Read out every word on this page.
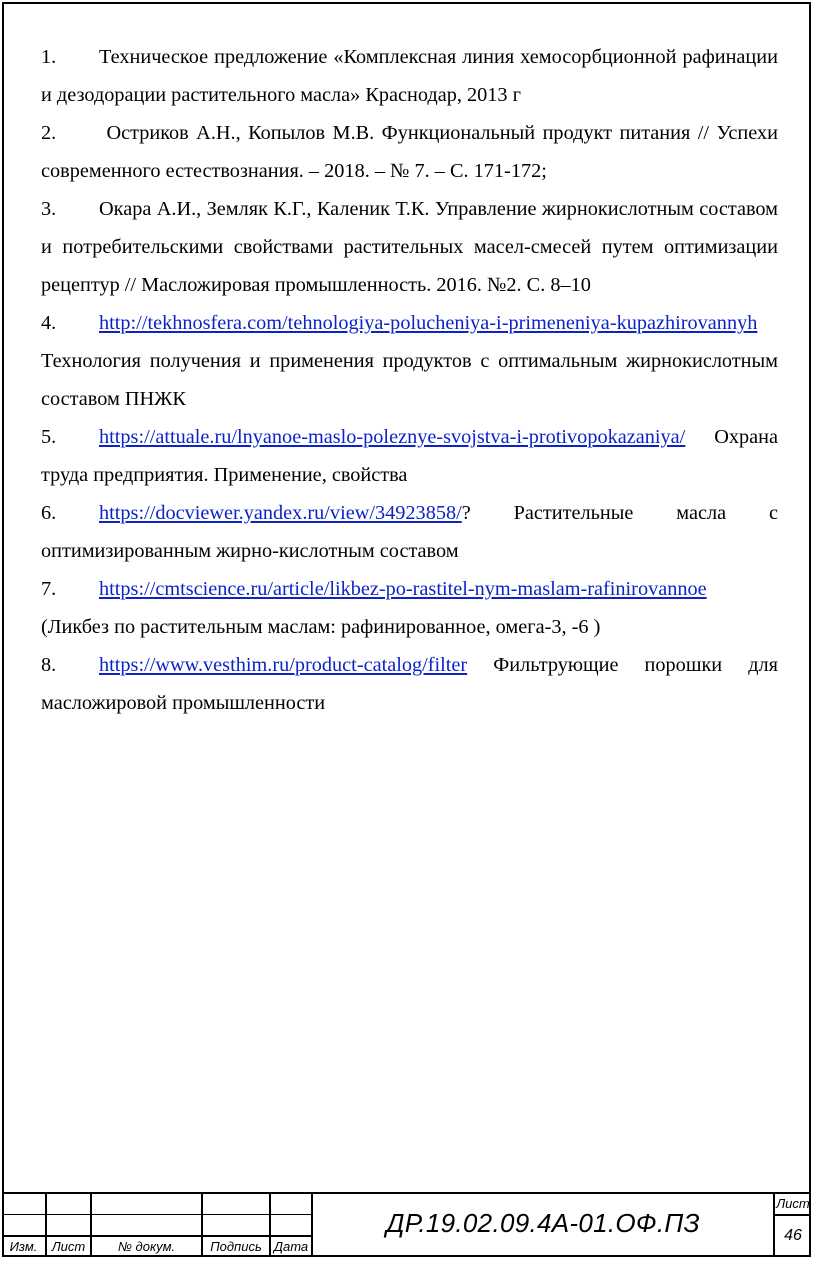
1. Техническое предложение «Комплексная линия хемосорбционной рафинации и дезодорации растительного масла» Краснодар, 2013 г
2. Остриков А.Н., Копылов М.В. Функциональный продукт питания // Успехи современного естествознания. – 2018. – № 7. – С. 171-172;
3. Окара А.И., Земляк К.Г., Каленик Т.К. Управление жирнокислотным составом и потребительскими свойствами растительных масел-смесей путем оптимизации рецептур // Масложировая промышленность. 2016. №2. С. 8–10
4. http://tekhnosfera.com/tehnologiya-polucheniya-i-primeneniya-kupazhirovannyh Технология получения и применения продуктов с оптимальным жирнокислотным составом ПНЖК
5. https://attuale.ru/lnyanoe-maslo-poleznye-svojstva-i-protivopokazaniya/ Охрана труда предприятия. Применение, свойства
6. https://docviewer.yandex.ru/view/34923858/? Растительные масла с оптимизированным жирно-кислотным составом
7. https://cmtscience.ru/article/likbez-po-rastitel-nym-maslam-rafinirovannoe (Ликбез по растительным маслам: рафинированное, омега-3, -6 )
8. https://www.vesthim.ru/product-catalog/filter Фильтрующие порошки для масложировой промышленности
Изм.	Лист	№ докум.	Подпись Дата
ДР.19.02.09.4А-01.ОФ.ПЗ
Лист
46
